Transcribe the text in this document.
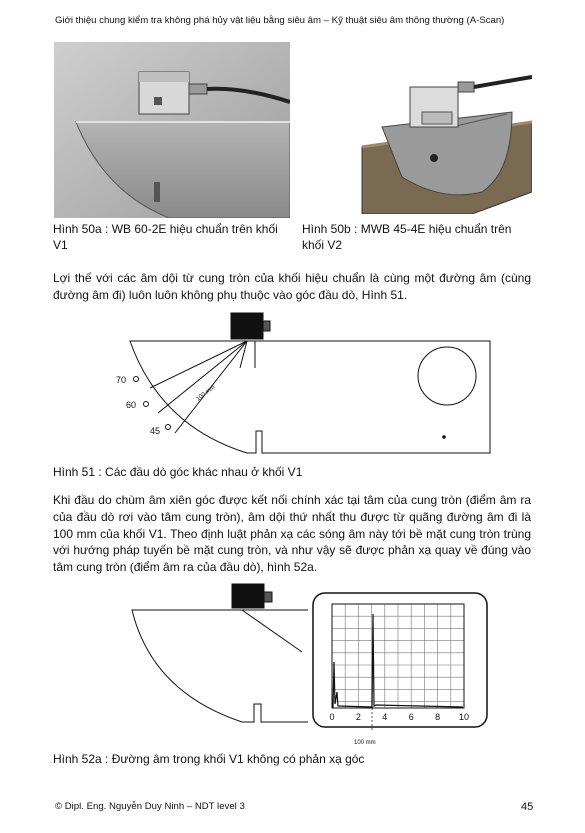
Giới thiệu chung kiểm tra không phá hủy vật liệu bằng siêu âm – Kỹ thuật siêu âm thông thường (A-Scan)
Hình 50a : WB 60-2E hiệu chuẩn trên khối V1
Hình 50b : MWB 45-4E hiệu chuẩn trên khối V2
Lợi thế với các âm dội từ cung tròn của khối hiệu chuẩn là cùng một đường âm (cùng đường âm đi) luôn luôn không phụ thuộc vào góc đầu dò, Hình 51.
70
60
45
100 mm
Hình 51 : Các đầu dò góc khác nhau ở khối V1
Khi đầu do chùm âm xiên góc được kết nối chính xác tại tâm của cung tròn (điểm âm ra của đầu dò rơi vào tâm cung tròn), âm dội thứ nhất thu được từ quãng đường âm đi là 100 mm của khối V1. Theo định luật phản xạ các sóng âm này tới bề mặt cung tròn trùng với hướng pháp tuyến bề mặt cung tròn, và như vậy sẽ được phản xạ quay về đúng vào tâm cung tròn (điểm âm ra của đầu dò), hình 52a.
0 2 4 6 8 10
100 mm
Hình 52a : Đường âm trong khối V1 không có phản xạ góc
© Dipl. Eng. Nguyễn Duy Ninh – NDT level 3	45
